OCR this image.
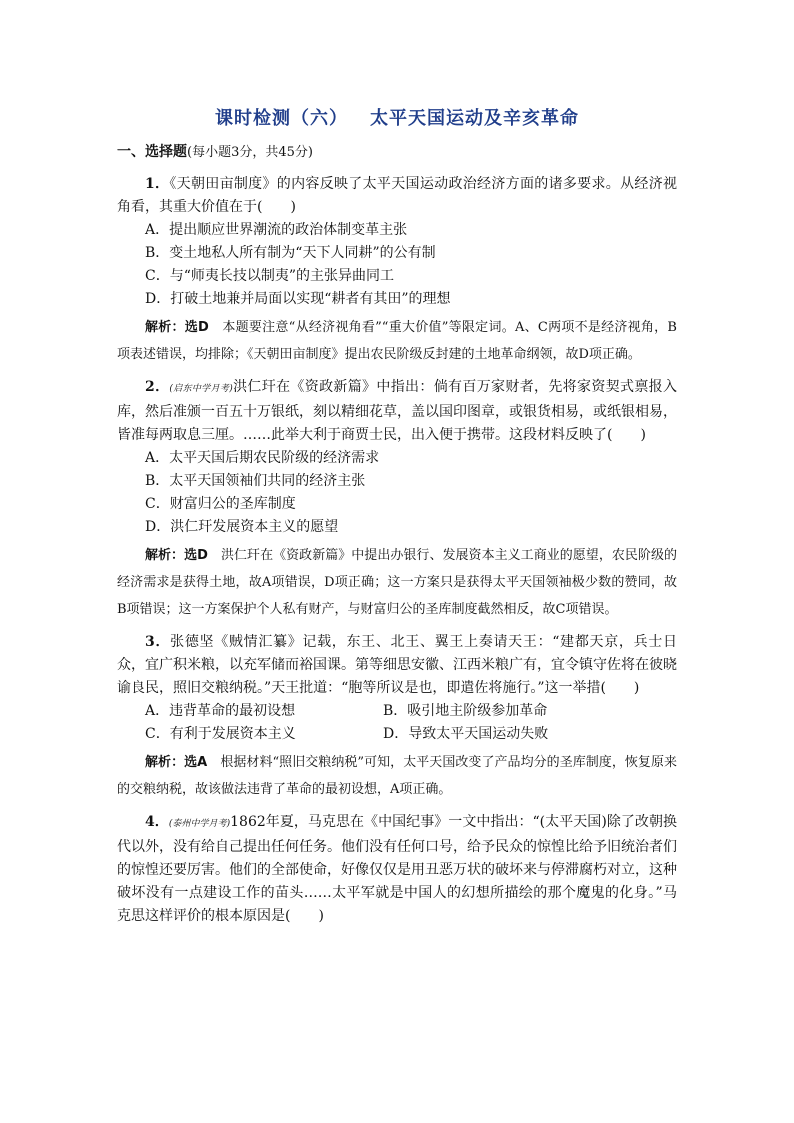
课时检测（六） 太平天国运动及辛亥革命
一、选择题(每小题3分，共45分)

1．《天朝田亩制度》的内容反映了太平天国运动政治经济方面的诸多要求。从经济视角看，其重大价值在于(　　)

A．提出顺应世界潮流的政治体制变革主张
B．变土地私人所有制为“天下人同耕”的公有制
C．与“师夷长技以制夷”的主张异曲同工
D．打破土地兼并局面以实现“耕者有其田”的理想

解析：选D　 本题要注意“从经济视角看”“重大价值”等限定词。A、C两项不是经济视角，B项表述错误，均排除；《天朝田亩制度》提出农民阶级反封建的土地革命纲领，故D项正确。

2．(启东中学月考)洪仁玕在《资政新篇》中指出：倘有百万家财者，先将家资契式禀报入库，然后准颁一百五十万银纸，刻以精细花草，盖以国印图章，或银货相易，或纸银相易，皆准每两取息三厘。……此举大利于商贾士民，出入便于携带。这段材料反映了(　　)

A．太平天国后期农民阶级的经济需求
B．太平天国领袖们共同的经济主张
C．财富归公的圣库制度
D．洪仁玕发展资本主义的愿望

解析：选D　 洪仁玕在《资政新篇》中提出办银行、发展资本主义工商业的愿望，农民阶级的经济需求是获得土地，故A项错误，D项正确；这一方案只是获得太平天国领袖极少数的赞同，故B项错误；这一方案保护个人私有财产，与财富归公的圣库制度截然相反，故C项错误。

3．张德坚《贼情汇纂》记载，东王、北王、翼王上奏请天王：“建都天京，兵士日众，宜广积米粮，以充军储而裕国课。第等细思安徽、江西米粮广有，宜令镇守佐将在彼晓谕良民，照旧交粮纳税。”天王批道：“胞等所议是也，即遣佐将施行。”这一举措(　　)

A．违背革命的最初设想	B．吸引地主阶级参加革命
C．有利于发展资本主义	D．导致太平天国运动失败

解析：选A　 根据材料“照旧交粮纳税”可知，太平天国改变了产品均分的圣库制度，恢复原来的交粮纳税，故该做法违背了革命的最初设想，A项正确。

4．(泰州中学月考)1862年夏，马克思在《中国纪事》一文中指出：“(太平天国)除了改朝换代以外，没有给自己提出任何任务。他们没有任何口号，给予民众的惊惶比给予旧统治者们的惊惶还要厉害。他们的全部使命，好像仅仅是用丑恶万状的破坏来与停滞腐朽对立，这种破坏没有一点建设工作的苗头……太平军就是中国人的幻想所描绘的那个魔鬼的化身。”马克思这样评价的根本原因是(　　)
